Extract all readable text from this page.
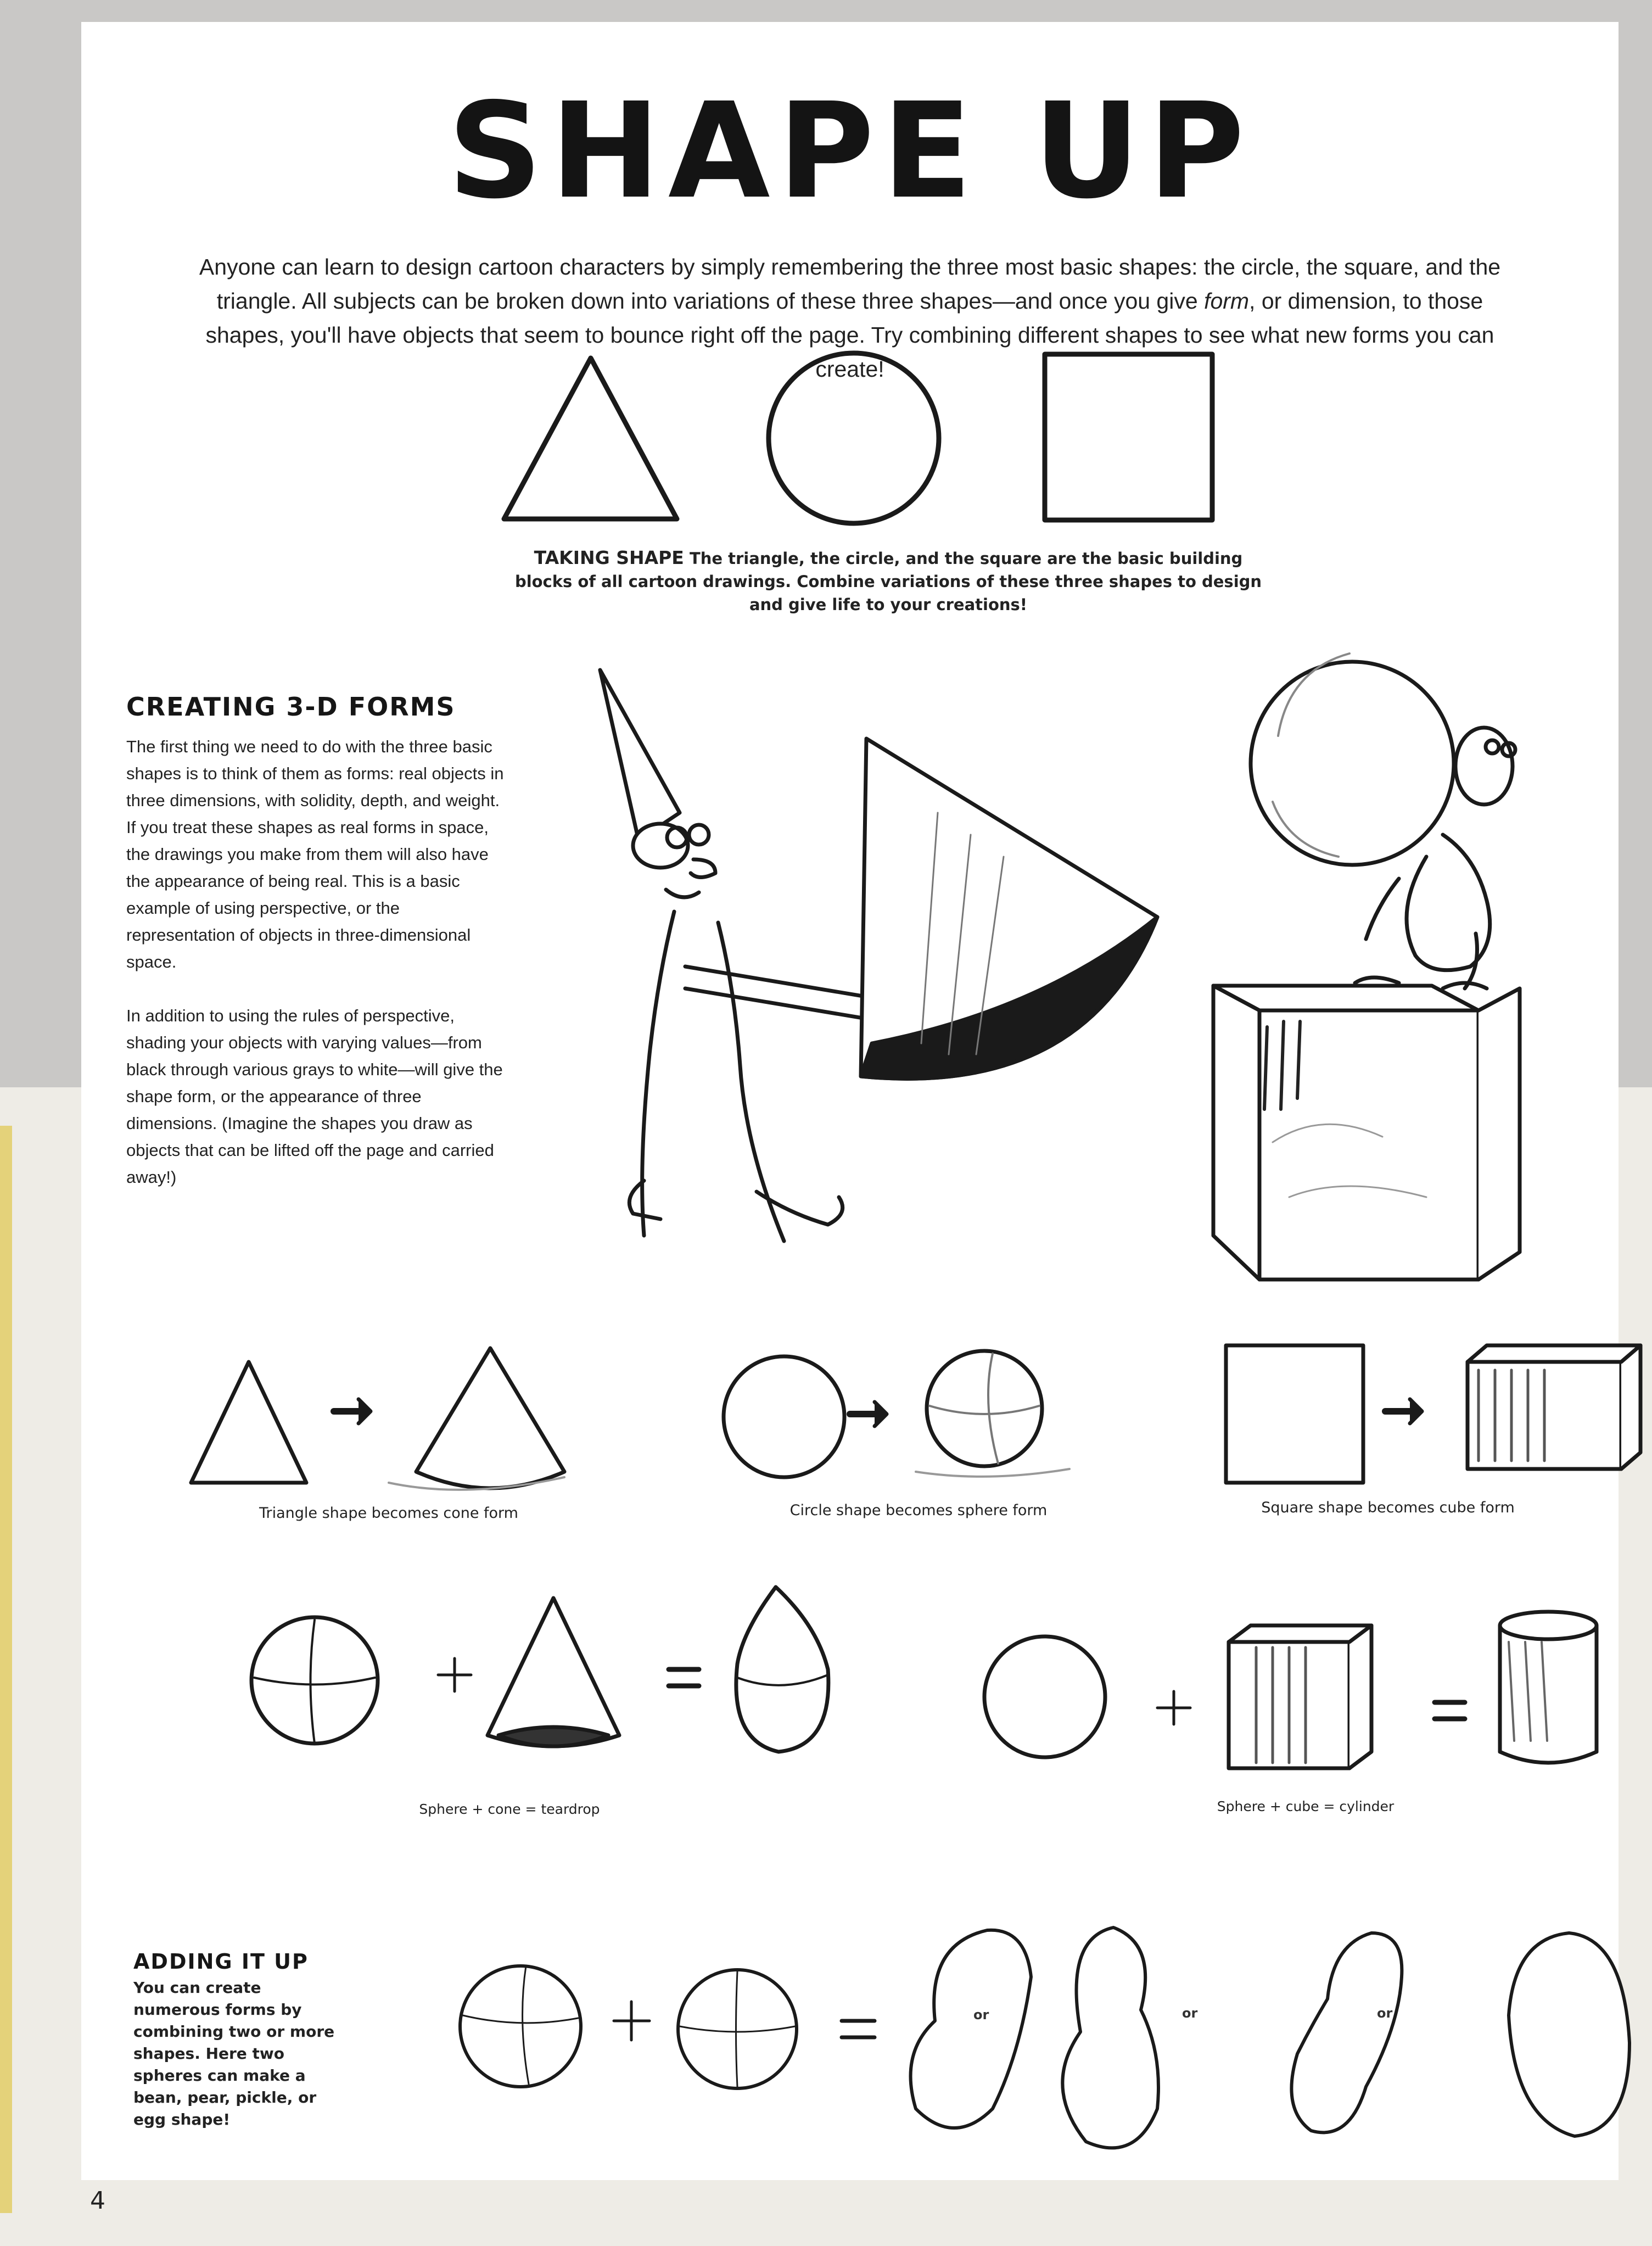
SHAPE UP
Anyone can learn to design cartoon characters by simply remembering the three most basic shapes: the circle, the square, and the triangle. All subjects can be broken down into variations of these three shapes—and once you give form, or dimension, to those shapes, you'll have objects that seem to bounce right off the page. Try combining different shapes to see what new forms you can create!
TAKING SHAPE The triangle, the circle, and the square are the basic building blocks of all cartoon drawings. Combine variations of these three shapes to design and give life to your creations!
CREATING 3-D FORMS
The first thing we need to do with the three basic shapes is to think of them as forms: real objects in three dimensions, with solidity, depth, and weight. If you treat these shapes as real forms in space, the drawings you make from them will also have the appearance of being real. This is a basic example of using perspective, or the representation of objects in three-dimensional space.
In addition to using the rules of perspective, shading your objects with varying values—from black through various grays to white—will give the shape form, or the appearance of three dimensions. (Imagine the shapes you draw as objects that can be lifted off the page and carried away!)
Triangle shape becomes cone form	Circle shape becomes sphere form	Square shape becomes cube form
Sphere + cone = teardrop	Sphere + cube = cylinder
ADDING IT UP
You can create numerous forms by combining two or more shapes. Here two spheres can make a bean, pear, pickle, or egg shape!
or	or	or
4
